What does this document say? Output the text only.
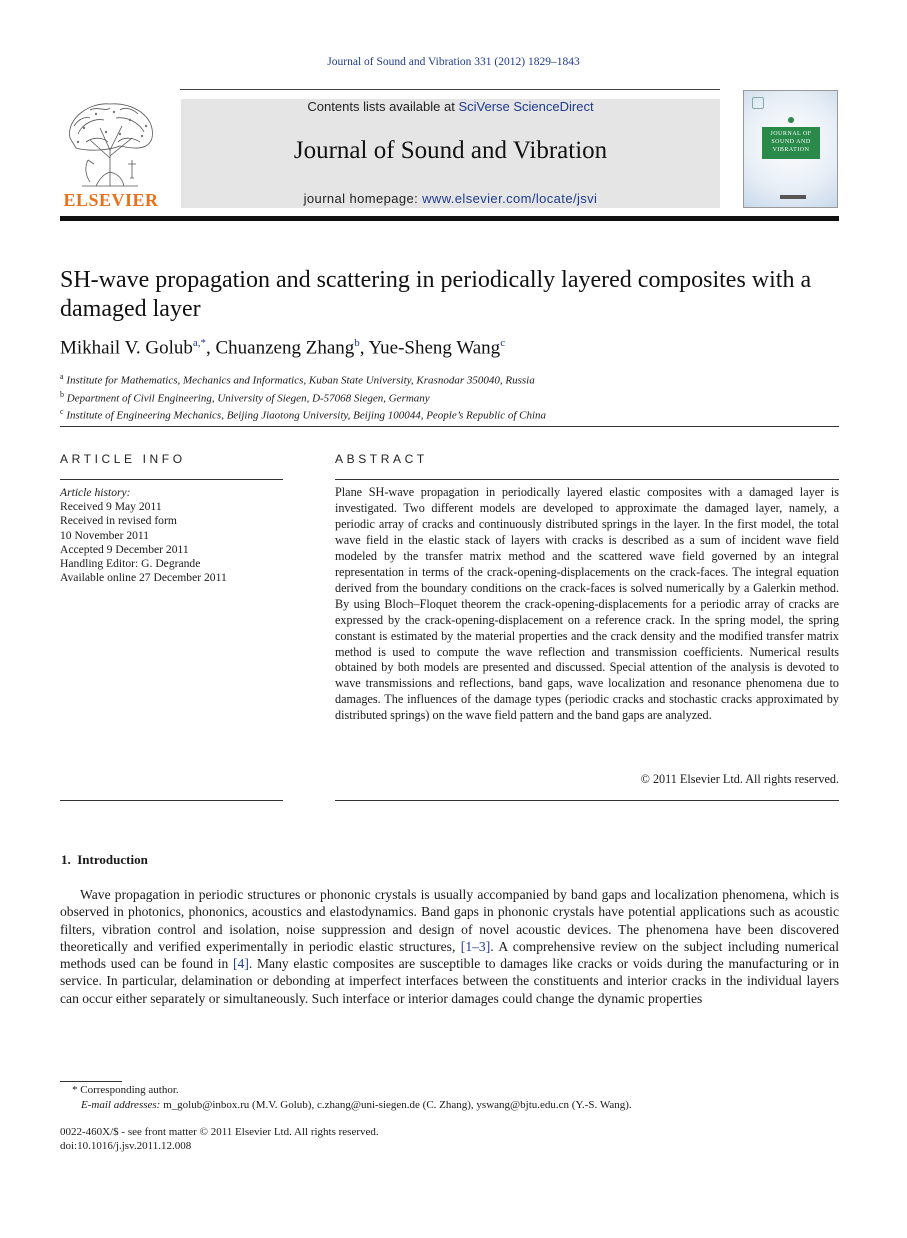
Journal of Sound and Vibration 331 (2012) 1829–1843
ELSEVIER
Contents lists available at SciVerse ScienceDirect
Journal of Sound and Vibration
journal homepage: www.elsevier.com/locate/jsvi
JOURNAL OF SOUND AND VIBRATION
SH-wave propagation and scattering in periodically layered composites with a damaged layer
Mikhail V. Golub$^{a,*}$, Chuanzeng Zhang$^b$, Yue-Sheng Wang$^c$
$^a$ Institute for Mathematics, Mechanics and Informatics, Kuban State University, Krasnodar 350040, Russia
$^b$ Department of Civil Engineering, University of Siegen, D-57068 Siegen, Germany
$^c$ Institute of Engineering Mechanics, Beijing Jiaotong University, Beijing 100044, People’s Republic of China
ARTICLE INFO
Article history:
Received 9 May 2011
Received in revised form
10 November 2011
Accepted 9 December 2011
Handling Editor: G. Degrande
Available online 27 December 2011
ABSTRACT
Plane SH-wave propagation in periodically layered elastic composites with a damaged layer is investigated. Two different models are developed to approximate the damaged layer, namely, a periodic array of cracks and continuously distributed springs in the layer. In the first model, the total wave field in the elastic stack of layers with cracks is described as a sum of incident wave field modeled by the transfer matrix method and the scattered wave field governed by an integral representation in terms of the crack-opening-displacements on the crack-faces. The integral equation derived from the boundary conditions on the crack-faces is solved numerically by a Galerkin method. By using Bloch–Floquet theorem the crack-opening-displacements for a periodic array of cracks are expressed by the crack-opening-displacement on a reference crack. In the spring model, the spring constant is estimated by the material properties and the crack density and the modified transfer matrix method is used to compute the wave reflection and transmission coefficients. Numerical results obtained by both models are presented and discussed. Special attention of the analysis is devoted to wave transmissions and reflections, band gaps, wave localization and resonance phenomena due to damages. The influences of the damage types (periodic cracks and stochastic cracks approximated by distributed springs) on the wave field pattern and the band gaps are analyzed.
© 2011 Elsevier Ltd. All rights reserved.
1. Introduction
Wave propagation in periodic structures or phononic crystals is usually accompanied by band gaps and localization phenomena, which is observed in photonics, phononics, acoustics and elastodynamics. Band gaps in phononic crystals have potential applications such as acoustic filters, vibration control and isolation, noise suppression and design of novel acoustic devices. The phenomena have been discovered theoretically and verified experimentally in periodic elastic structures, [1–3]. A comprehensive review on the subject including numerical methods used can be found in [4]. Many elastic composites are susceptible to damages like cracks or voids during the manufacturing or in service. In particular, delamination or debonding at imperfect interfaces between the constituents and interior cracks in the individual layers can occur either separately or simultaneously. Such interface or interior damages could change the dynamic properties
* Corresponding author.
E-mail addresses: m_golub@inbox.ru (M.V. Golub), c.zhang@uni-siegen.de (C. Zhang), yswang@bjtu.edu.cn (Y.-S. Wang).
0022-460X/$ - see front matter © 2011 Elsevier Ltd. All rights reserved.
doi:10.1016/j.jsv.2011.12.008
